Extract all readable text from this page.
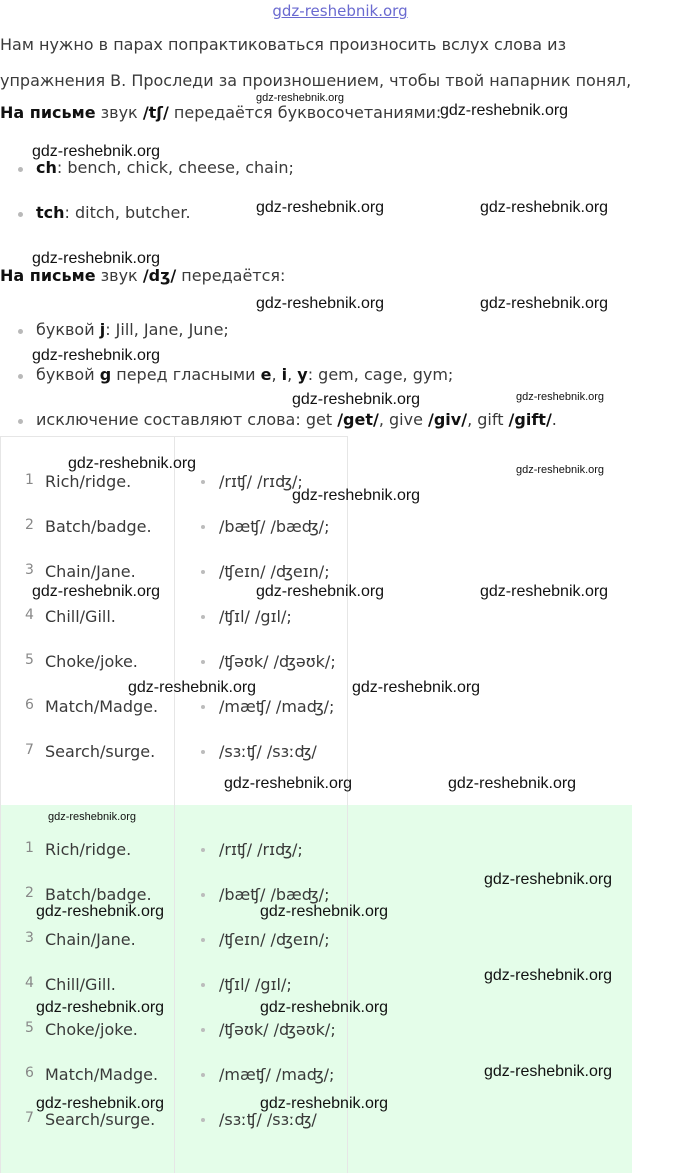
gdz-reshebnik.org
Нам нужно в парах попрактиковаться произносить вслух слова из
упражнения B. Проследи за произношением, чтобы твой напарник понял,
На письме звук /tʃ/ передаётся буквосочетаниями:
ch: bench, chick, cheese, chain;
tch: ditch, butcher.
На письме звук /dʒ/ передаётся:
буквой j: Jill, Jane, June;
буквой g перед гласными e, i, y: gem, cage, gym;
исключение составляют слова: get /get/, give /giv/, gift /gift/.
1 Rich/ridge.	/rɪʧ/ /rɪʤ/;
2 Batch/badge.	/bæʧ/ /bæʤ/;
3 Chain/Jane.	/ʧeɪn/ /ʤeɪn/;
4 Chill/Gill.	/ʧɪl/ /gɪl/;
5 Choke/joke.	/ʧəʊk/ /ʤəʊk/;
6 Match/Madge.	/mæʧ/ /maʤ/;
7 Search/surge.	/sɜːʧ/ /sɜːʤ/
1 Rich/ridge.	/rɪʧ/ /rɪʤ/;
2 Batch/badge.	/bæʧ/ /bæʤ/;
3 Chain/Jane.	/ʧeɪn/ /ʤeɪn/;
4 Chill/Gill.	/ʧɪl/ /gɪl/;
5 Choke/joke.	/ʧəʊk/ /ʤəʊk/;
6 Match/Madge.	/mæʧ/ /maʤ/;
7 Search/surge.	/sɜːʧ/ /sɜːʤ/
gdz-reshebnik.org
gdz-reshebnik.org
gdz-reshebnik.org
gdz-reshebnik.org
gdz-reshebnik.org	gdz-reshebnik.org
gdz-reshebnik.org	gdz-reshebnik.org
gdz-reshebnik.org
gdz-reshebnik.org	gdz-reshebnik.org
gdz-reshebnik.org	gdz-reshebnik.org
gdz-reshebnik.org
gdz-reshebnik.org	gdz-reshebnik.org	gdz-reshebnik.org
gdz-reshebnik.org	gdz-reshebnik.org
gdz-reshebnik.org	gdz-reshebnik.org
gdz-reshebnik.org
gdz-reshebnik.org
gdz-reshebnik.org	gdz-reshebnik.org
gdz-reshebnik.org
gdz-reshebnik.org	gdz-reshebnik.org
gdz-reshebnik.org
gdz-reshebnik.org	gdz-reshebnik.org
